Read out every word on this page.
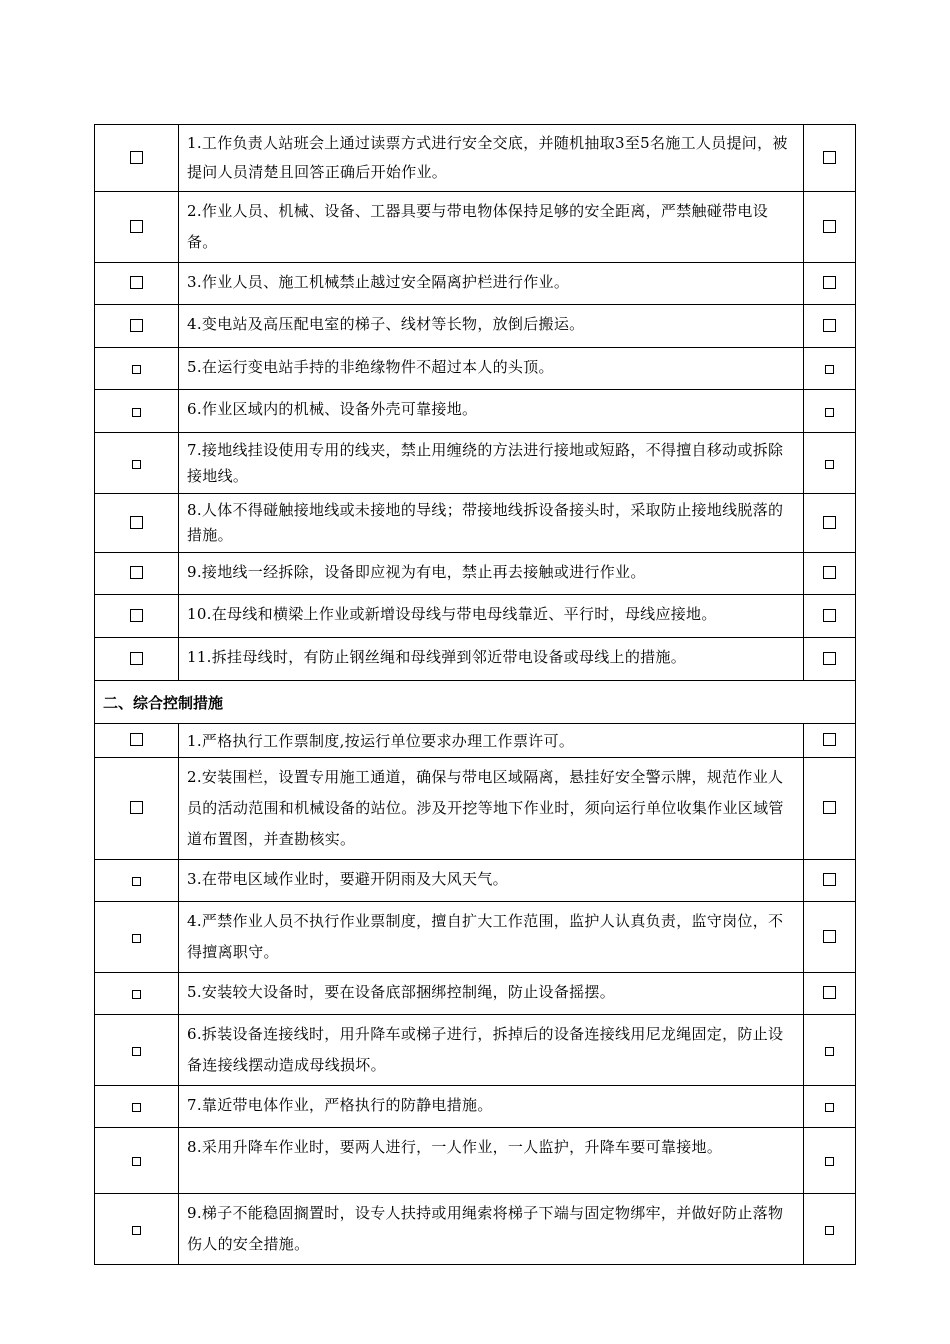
	1.工作负责人站班会上通过读票方式进行安全交底，并随机抽取3至5名施工人员提问，被提问人员清楚且回答正确后开始作业。	
	2.作业人员、机械、设备、工器具要与带电物体保持足够的安全距离，严禁触碰带电设备。	
	3.作业人员、施工机械禁止越过安全隔离护栏进行作业。	
	4.变电站及高压配电室的梯子、线材等长物，放倒后搬运。	
	5.在运行变电站手持的非绝缘物件不超过本人的头顶。	
	6.作业区域内的机械、设备外壳可靠接地。	
	7.接地线挂设使用专用的线夹，禁止用缠绕的方法进行接地或短路，不得擅自移动或拆除接地线。	
	8.人体不得碰触接地线或未接地的导线；带接地线拆设备接头时，采取防止接地线脱落的措施。	
	9.接地线一经拆除，设备即应视为有电，禁止再去接触或进行作业。	
	10.在母线和横梁上作业或新增设母线与带电母线靠近、平行时，母线应接地。	
	11.拆挂母线时，有防止钢丝绳和母线弹到邻近带电设备或母线上的措施。	
二、综合控制措施		
	1.严格执行工作票制度,按运行单位要求办理工作票许可。	
	2.安装围栏，设置专用施工通道，确保与带电区域隔离，悬挂好安全警示牌，规范作业人员的活动范围和机械设备的站位。涉及开挖等地下作业时，须向运行单位收集作业区域管道布置图，并查勘核实。	
	3.在带电区域作业时，要避开阴雨及大风天气。	
	4.严禁作业人员不执行作业票制度，擅自扩大工作范围，监护人认真负责，监守岗位，不得擅离职守。	
	5.安装较大设备时，要在设备底部捆绑控制绳，防止设备摇摆。	
	6.拆装设备连接线时，用升降车或梯子进行，拆掉后的设备连接线用尼龙绳固定，防止设备连接线摆动造成母线损坏。	
	7.靠近带电体作业，严格执行的防静电措施。	
	8.采用升降车作业时，要两人进行，一人作业，一人监护，升降车要可靠接地。	
	9.梯子不能稳固搁置时，设专人扶持或用绳索将梯子下端与固定物绑牢，并做好防止落物伤人的安全措施。	
